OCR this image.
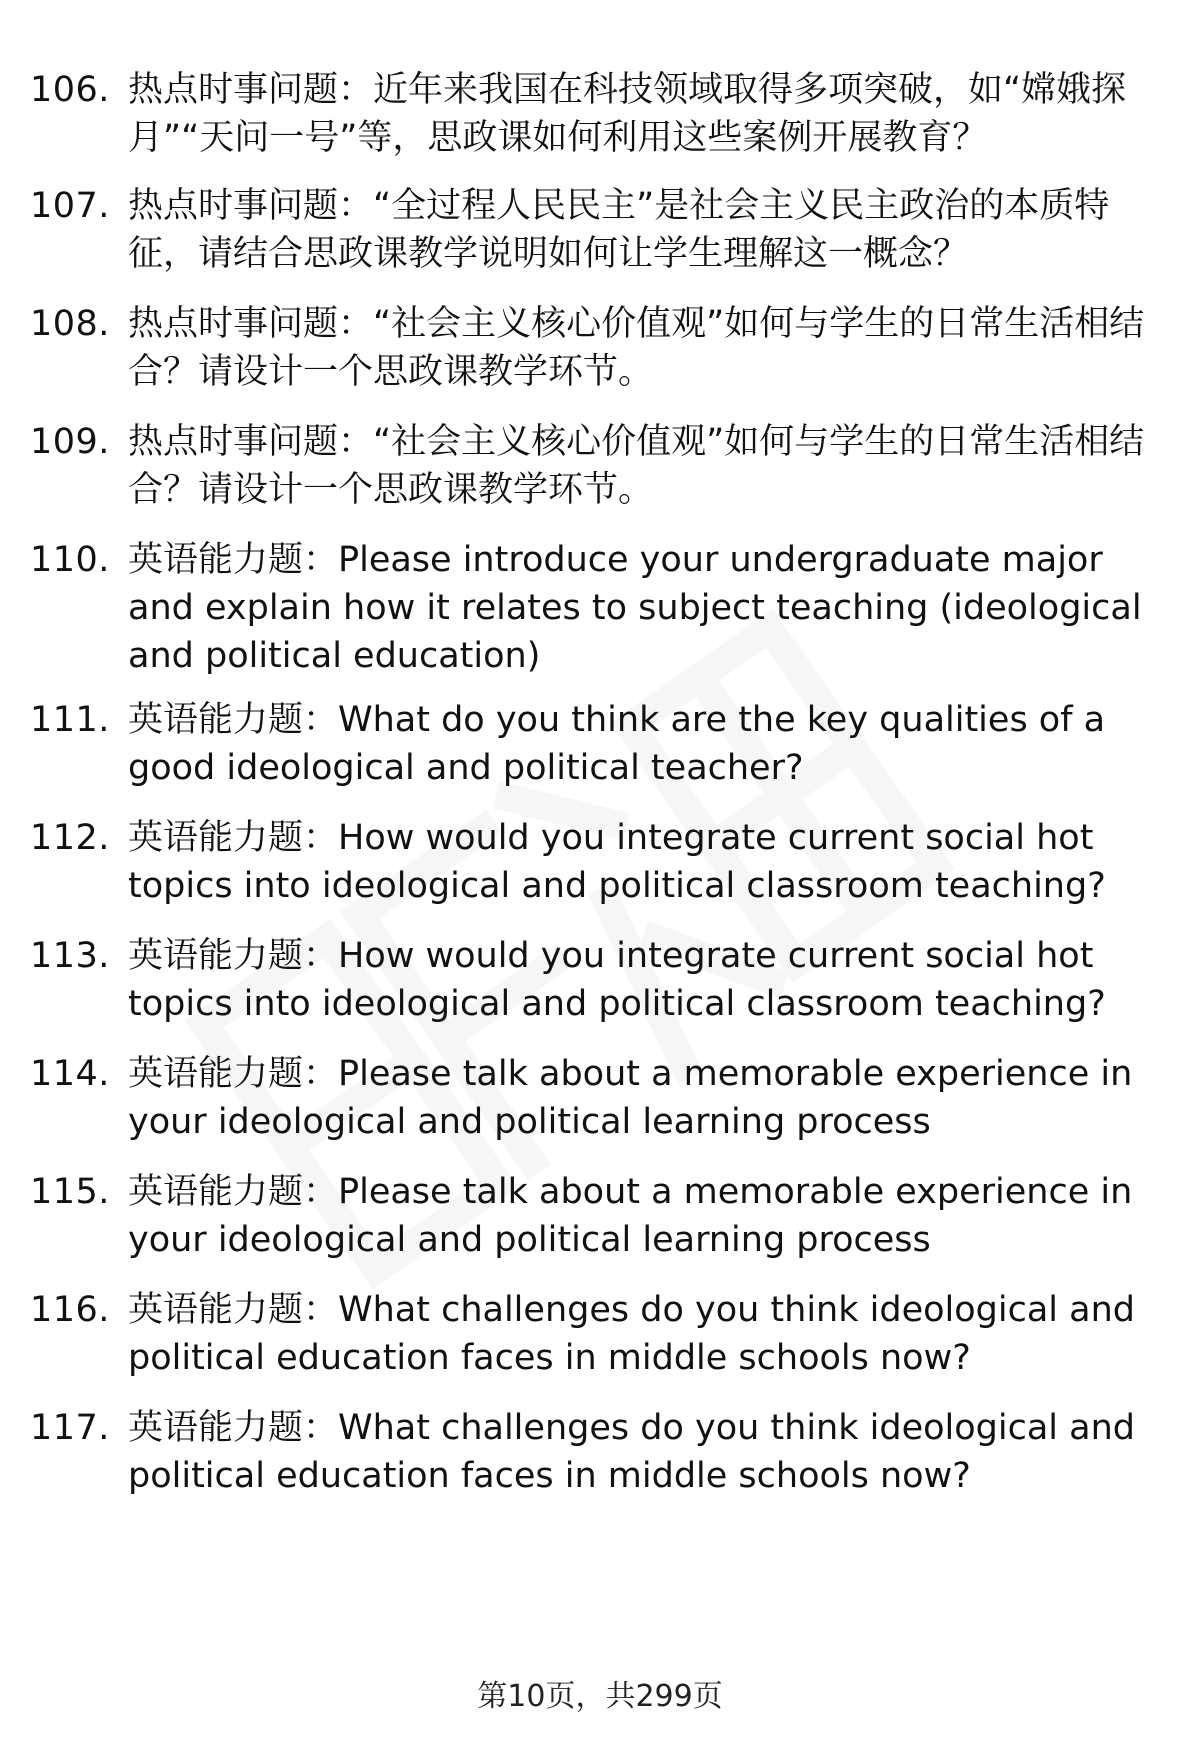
106. 热点时事问题：近年来我国在科技领域取得多项突破，如“嫦娥探月”“天问一号”等，思政课如何利用这些案例开展教育？
107. 热点时事问题：“全过程人民民主”是社会主义民主政治的本质特征，请结合思政课教学说明如何让学生理解这一概念？
108. 热点时事问题：“社会主义核心价值观”如何与学生的日常生活相结合？请设计一个思政课教学环节。
109. 热点时事问题：“社会主义核心价值观”如何与学生的日常生活相结合？请设计一个思政课教学环节。
110. 英语能力题：Please introduce your undergraduate major and explain how it relates to subject teaching (ideological and political education)
111. 英语能力题：What do you think are the key qualities of a good ideological and political teacher?
112. 英语能力题：How would you integrate current social hot topics into ideological and political classroom teaching?
113. 英语能力题：How would you integrate current social hot topics into ideological and political classroom teaching?
114. 英语能力题：Please talk about a memorable experience in your ideological and political learning process
115. 英语能力题：Please talk about a memorable experience in your ideological and political learning process
116. 英语能力题：What challenges do you think ideological and political education faces in middle schools now?
117. 英语能力题：What challenges do you think ideological and political education faces in middle schools now?
第10页，共299页
